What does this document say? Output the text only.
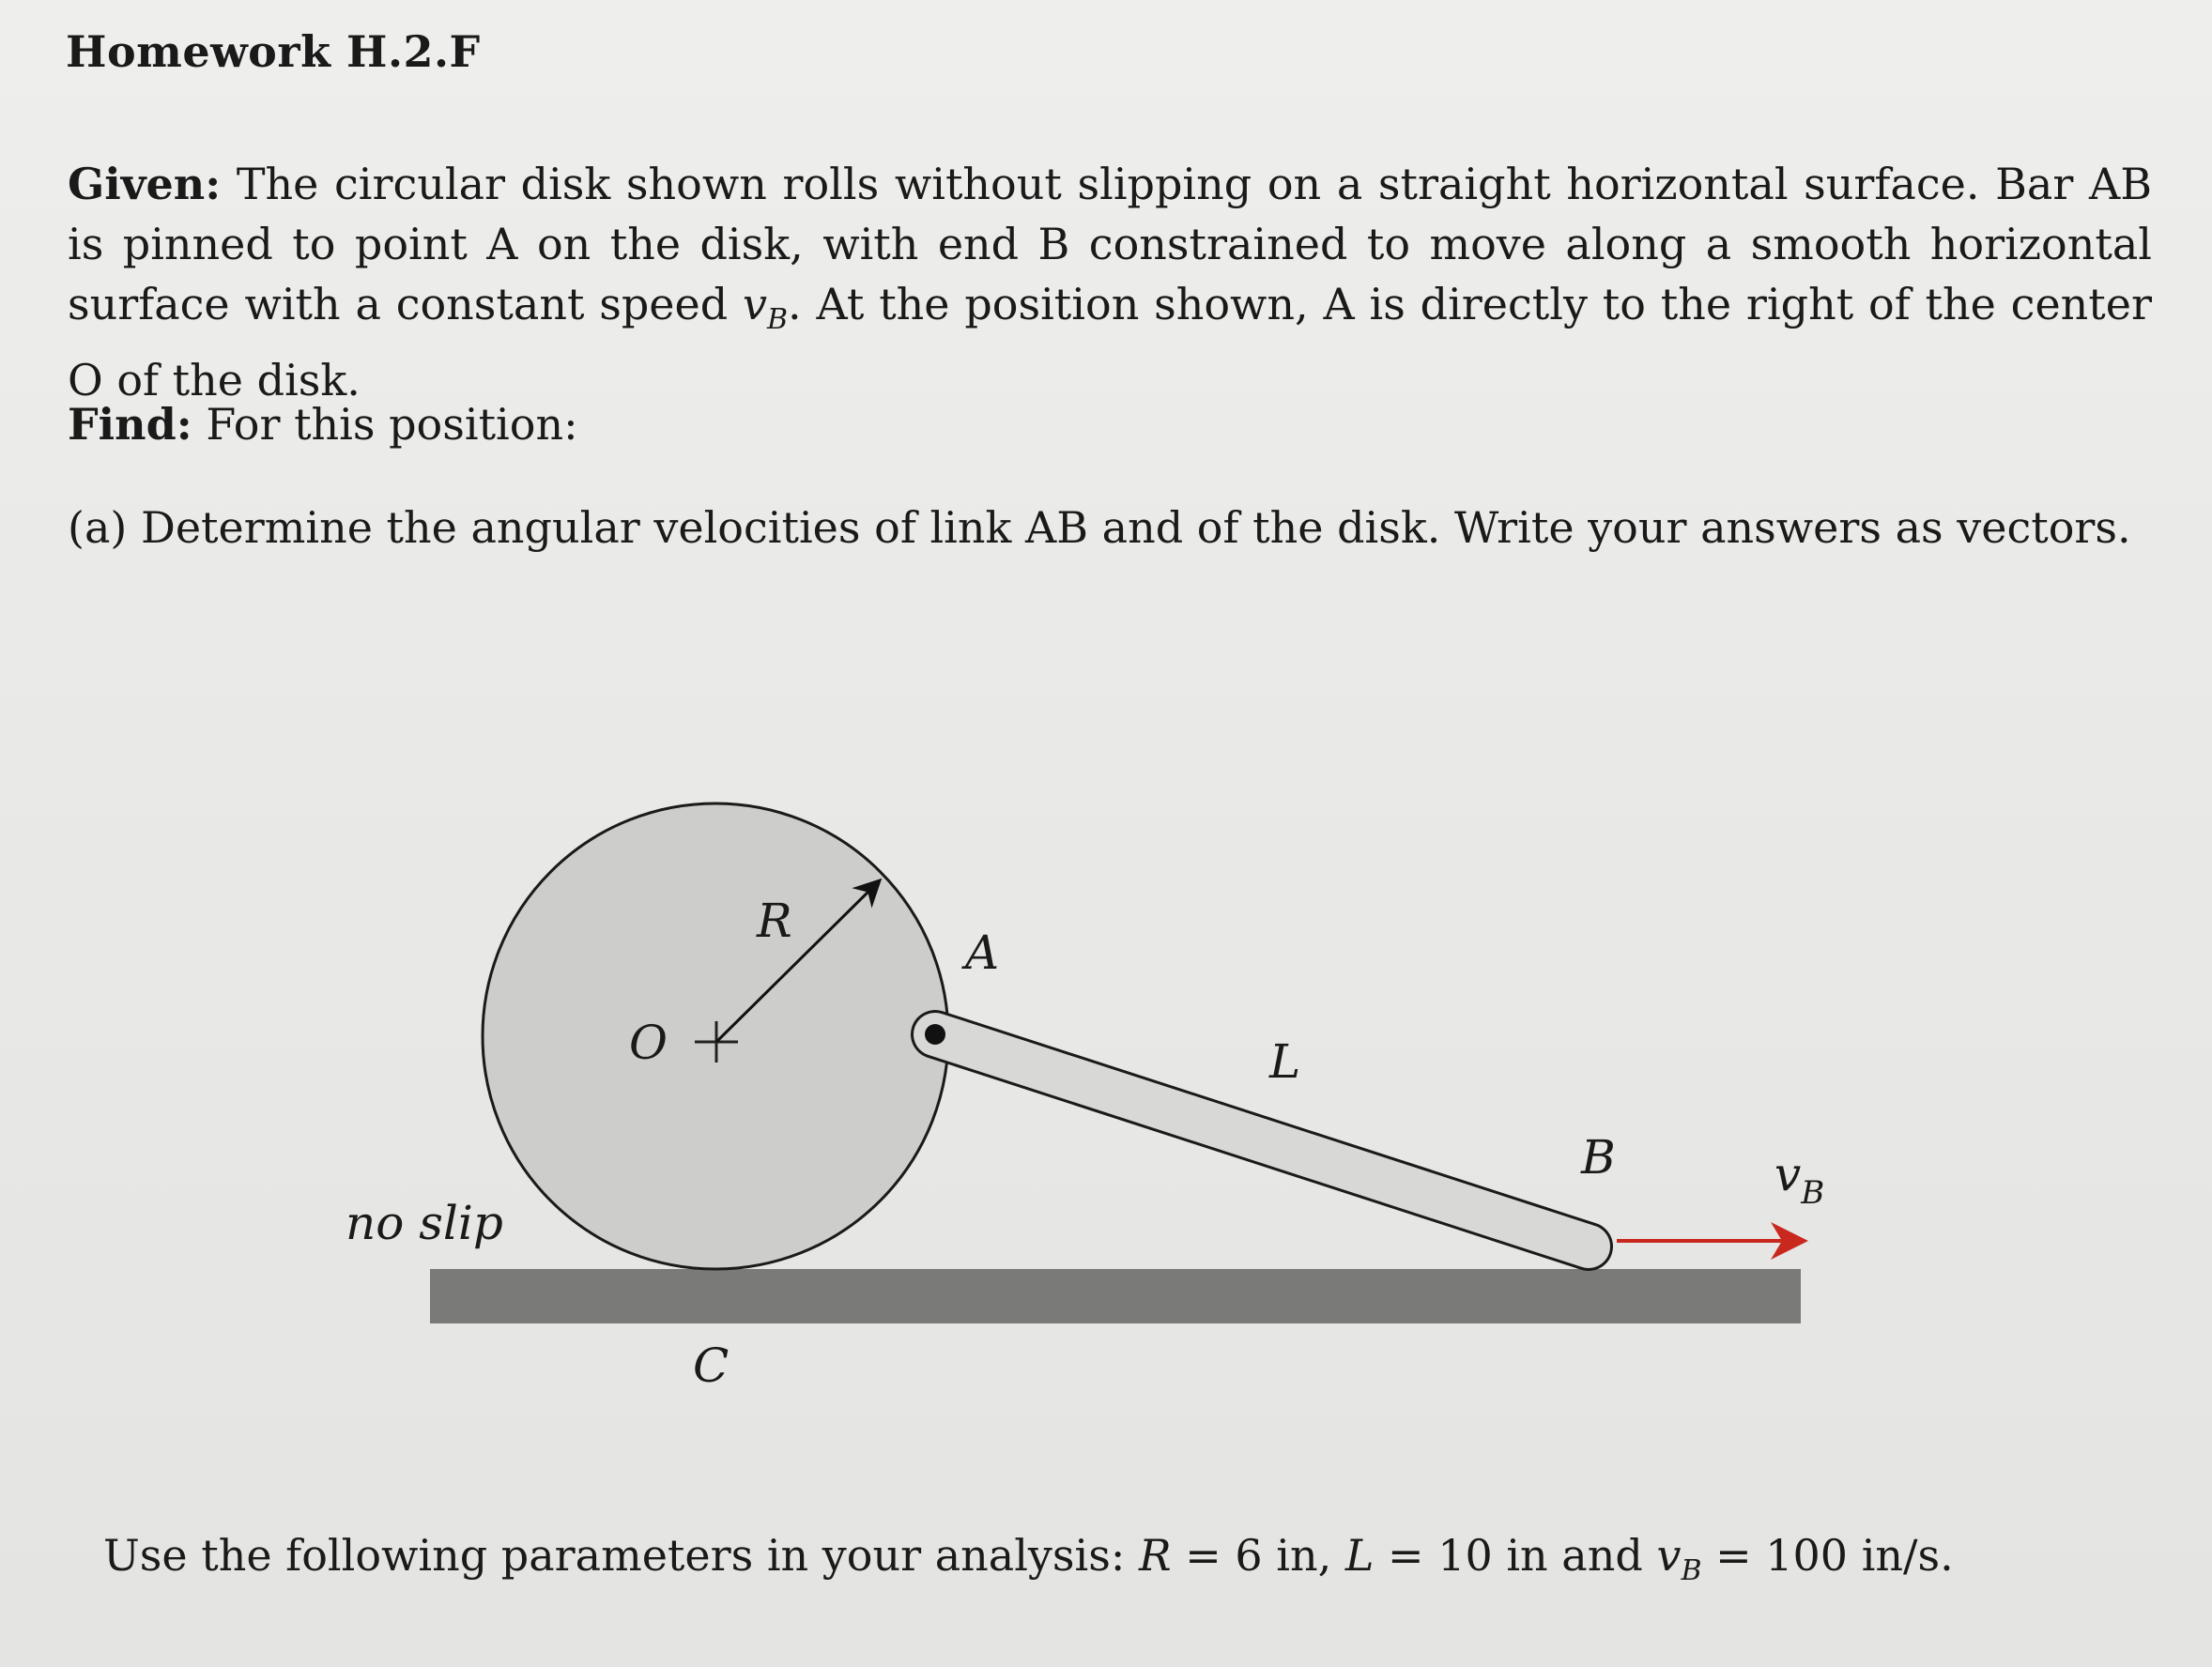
Homework H.2.F
Given: The circular disk shown rolls without slipping on a straight horizontal surface. Bar AB is pinned to point A on the disk, with end B constrained to move along a smooth horizontal surface with a constant speed $v_B$. At the position shown, A is directly to the right of the center O of the disk.
Find: For this position:
(a) Determine the angular velocities of link AB and of the disk. Write your answers as vectors.
R
A
O	L
B	$v_B$
no slip
C
Use the following parameters in your analysis: R = 6 in, L = 10 in and $v_B = 100$ in/s.
